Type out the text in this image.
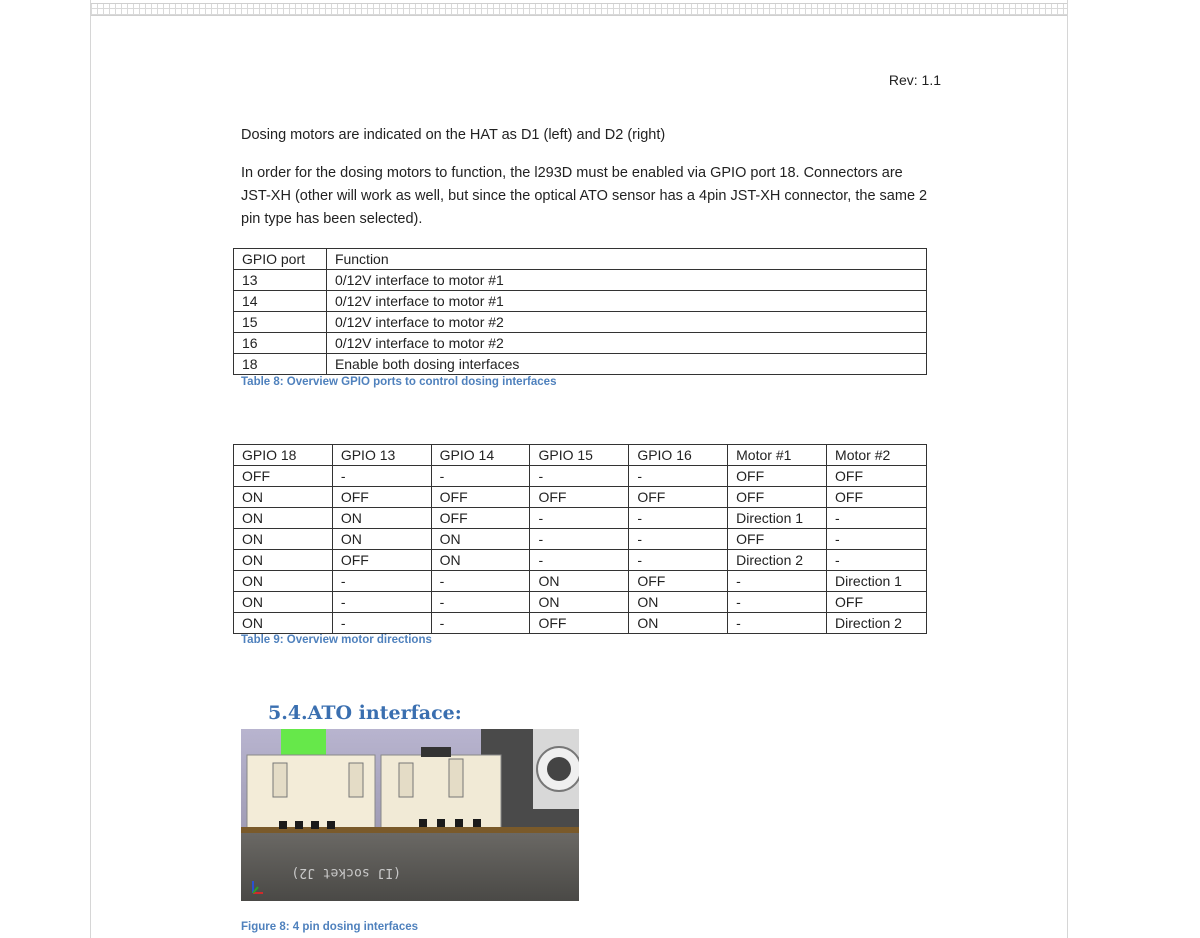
Rev: 1.1

Dosing motors are indicated on the HAT as D1 (left) and D2 (right)

In order for the dosing motors to function, the l293D must be enabled via GPIO port 18. Connectors are JST-XH (other will work as well, but since the optical ATO sensor has a 4pin JST-XH connector, the same 2 pin type has been selected).

GPIO port	Function
13	0/12V interface to motor #1
14	0/12V interface to motor #1
15	0/12V interface to motor #2
16	0/12V interface to motor #2
18	Enable both dosing interfaces
Table 8: Overview GPIO ports to control dosing interfaces
GPIO 18	GPIO 13	GPIO 14	GPIO 15	GPIO 16	Motor #1	Motor #2
OFF	-	-	-	-	OFF	OFF
ON	OFF	OFF	OFF	OFF	OFF	OFF
ON	ON	OFF	-	-	Direction 1	-
ON	ON	ON	-	-	OFF	-
ON	OFF	ON	-	-	Direction 2	-
ON	-	-	ON	OFF	-	Direction 1
ON	-	-	ON	ON	-	OFF
ON	-	-	OFF	ON	-	Direction 2
Table 9: Overview motor directions
5.4.ATO interface:
(IJ socket J2)
Figure 8: 4 pin dosing interfaces
